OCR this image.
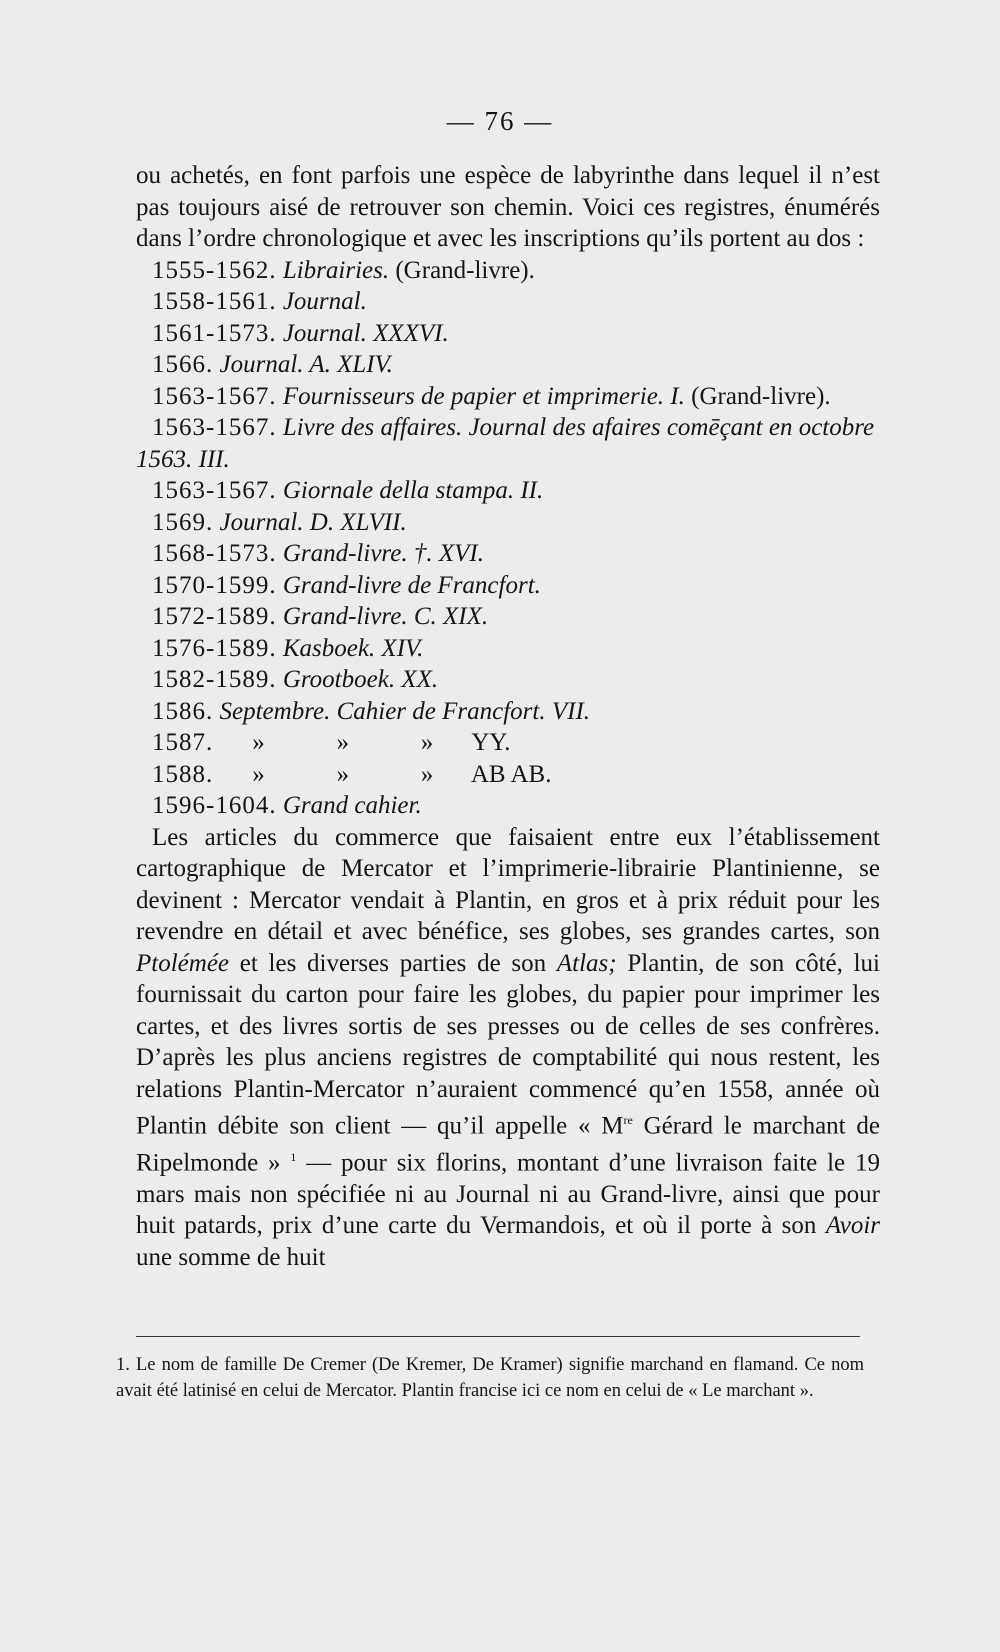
— 76 —

ou achetés, en font parfois une espèce de labyrinthe dans lequel il n’est pas toujours aisé de retrouver son chemin. Voici ces registres, énumérés dans l’ordre chronologique et avec les inscriptions qu’ils portent au dos :

1555-1562. Librairies. (Grand-livre).
1558-1561. Journal.
1561-1573. Journal. XXXVI.
1566. Journal. A. XLIV.
1563-1567. Fournisseurs de papier et imprimerie. I. (Grand-livre).
1563-1567. Livre des affaires. Journal des afaires comēçant en octobre 1563. III.
1563-1567. Giornale della stampa. II.
1569. Journal. D. XLVII.
1568-1573. Grand-livre. †. XVI.
1570-1599. Grand-livre de Francfort.
1572-1589. Grand-livre. C. XIX.
1576-1589. Kasboek. XIV.
1582-1589. Grootboek. XX.
1586. Septembre. Cahier de Francfort. VII.
1587. »	»	» YY.
1588. »	»	» AB AB.
1596-1604. Grand cahier.

Les articles du commerce que faisaient entre eux l’établissement cartographique de Mercator et l’imprimerie-librairie Plantinienne, se devinent : Mercator vendait à Plantin, en gros et à prix réduit pour les revendre en détail et avec bénéfice, ses globes, ses grandes cartes, son Ptolémée et les diverses parties de son Atlas; Plantin, de son côté, lui fournissait du carton pour faire les globes, du papier pour imprimer les cartes, et des livres sortis de ses presses ou de celles de ses confrères. D’après les plus anciens registres de comptabilité qui nous restent, les relations Plantin-Mercator n’auraient commencé qu’en 1558, année où Plantin débite son client — qu’il appelle « Mre Gérard le marchant de Ripelmonde » $^1$ — pour six florins, montant d’une livraison faite le 19 mars mais non spécifiée ni au Journal ni au Grand-livre, ainsi que pour huit patards, prix d’une carte du Vermandois, et où il porte à son Avoir une somme de huit

1. Le nom de famille De Cremer (De Kremer, De Kramer) signifie marchand en flamand. Ce nom avait été latinisé en celui de Mercator. Plantin francise ici ce nom en celui de « Le marchant ».
